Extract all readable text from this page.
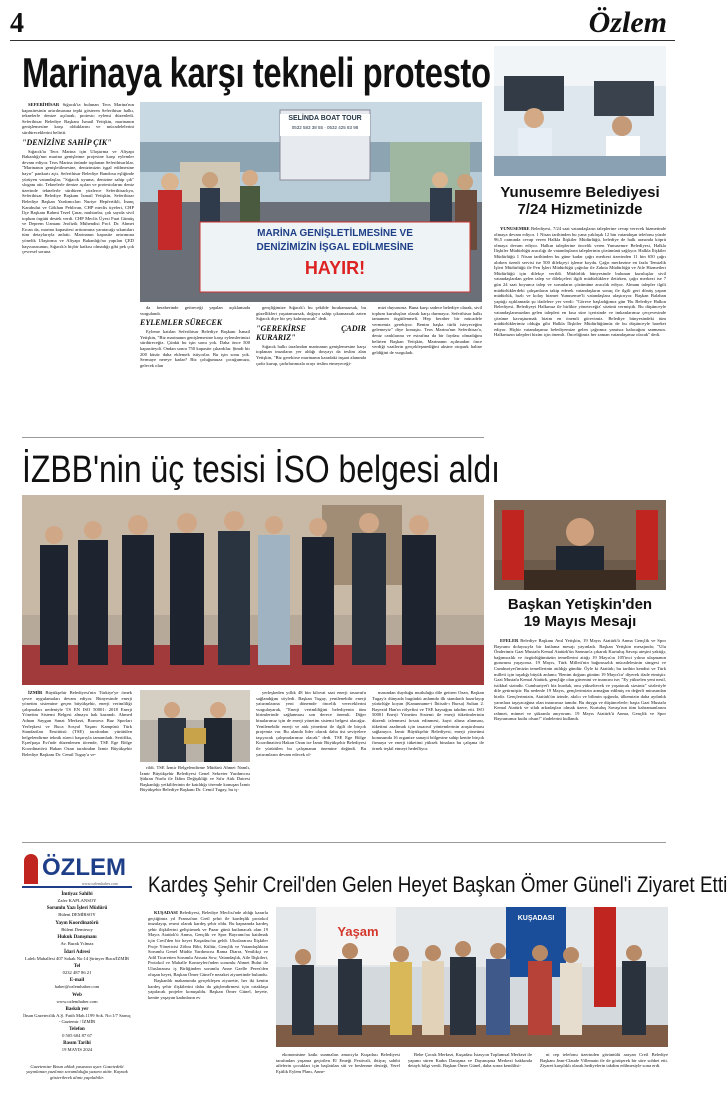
4	Özlem
Marinaya karşı tekneli protesto

SEFERİHİSAR Sığacık'ta bulunan Teos Marina'nın kapasitesinin artırılmasına tepki gösteren Seferihisar halkı, teknelerle denize açılarak, protesto eylemi düzenledi. Seferihisar Belediye Başkanı İsmail Yetişkin, marinanın genişlemesine karşı olduklarını ve mücadelelerini sürdüreceklerini belirtti.

"DENİZİNE SAHİP ÇIK"

Sığacık'ta Teos Marina için Ulaştırma ve Altyapı Bakanlığı'nın marina genişletme projesine karşı eylemler devam ediyor. Teos Marina önünde toplanan Seferihisarlılar, "Marinanın genişletilmesine, denizimizin işgal edilmesine hayır" pankartı açtı. Seferihisar Belediye Bandosu eşliğinde yürüyen vatandaşlar, "Sığacık uyuma, denizine sahip çık" sloganı attı. Teknelerle denize açılan ve protestolarını deniz üzerinde teknelerle sürdüren yüzlerce Seferihisarlıya, Seferihisar Belediye Başkanı İsmail Yetişkin, Seferihisar Belediye Başkan Yardımcıları Nuriye Hepfertikli, İnanç Karabulut ve Gökhan Pehlivan, CHP meclis üyeleri, CHP İlçe Başkanı Rahmi Tezel Çınar, muhtarlar, çok sayıda sivil toplum örgütü destek verdi. CHP Meclis Üyesi Fuat Gümüş ve Deprem Uzmanı Jeofizik Mühendisi Prof. Dr. Ahmet Ercan da, marina kapasitesi arttırımına yaratacağı sıkıntıları tüm detaylarıyla anlattı. Marinanın kapasite artırımına yönelik Ulaştırma ve Altyapı Bakanlığı'na yapılan ÇED başvurusunun, Sığacık'a hiçbir katkısı olmadığı gibi pek çok çevresel soruna

SELİNDA BOAT TOUR
0532 583 38 55 · 0532 425 83 98
MARİNA GENİŞLETİLMESİNE VE
DENİZİMİZİN İŞGAL EDİLMESİNE
HAYIR!

da beraberinde getireceği yapılan açıklamada vurgulandı.

EYLEMLER SÜRECEK

Eyleme katılan Seferihisar Belediye Başkanı İsmail Yetişkin, "Biz marinanın genişlemesine karşı eylemlerimizi sürdüreceğiz. Çünkü bu işin sonu yok. Daha önce 500 kapasiteydi. Ondan sonra 750 kapasite çıkardılar. Şimdi bir 200 küsür daha eklemek istiyorlar. Bu işin sonu yok. Sermaye nereye kadar? Biz çoluğumuza çocuğumuza, gelecek olan

gençliğimize Sığacık'ı bu şekilde bırakamazsak, bu güzellikleri yaşatamazsak, doğaya sahip çıkamazsak zaten Sığacık diye bir şey kalmayacak" dedi.

"GEREKİRSE ÇADIR KURARIZ"

Sığacık halkı tarafından marinanın genişlemesine karşı toplanan imzaların yer aldığı dosyayı da teslim alan Yetişkin, "Biz gerekirse marinanın karadaki inşaat alanında çadır kurup, çadırlarımızla orayı teslim etmeyeceği-

mizi duyururuz. Buna karşı sadece belediye olarak, sivil toplum kuruluşları olarak karşı durmayız. Seferihisar halkı tamamen örgütlenmeli. Hep beraber bir mücadele vermemiz gerekiyor. Benim başka türlü isteyeceğim gelemeyiz" diye konuştu. Teos Marina'nın Seferihisar'a, deniz canlılarına ve estrafina da bir faydası olmadığını belirten Başkan Yetişkin, Marinanın açılmadan önce verdiği vaatlerin gerçekleşmediğini aksine otopark haline geldiğini de vurguladı.

Yunusemre Belediyesi
7/24 Hizmetinizde

YUNUSEMRE Belediyesi, 7/24 saat vatandaşların taleplerine cevap verecek hizmetinde olmaya devam ediyor. 1 Nisan tarihinden bu yana yaklaşık 12 bin vatandaşın telefonu yüzde 96,5 oranında cevap veren Halkla İlişkiler Müdürlüğü, belediye de halk arasında köprü olmaya devam ediyor. Halkın taleplerine öncelik veren Yunusemre Belediyesi, Halkla İlişkiler Müdürlüğü aracılığı ile vatandaşların taleplerinin çözümünü sağlıyor. Halkla İlişkiler Müdürlüğü 1 Nisan tarihinden bu güne kadar çağrı merkezi üzerinden 11 bin 650 çağrı alırken özenli servisi ise 500 dilekçeyi işleme koydu. Çağrı merkezine en fazla Temizlik İşleri Müdürlüğü ile Fen İşleri Müdürlüğü çağrılar ile Zabıta Müdürlüğü ve Aile Hizmetleri Müdürlüğü için dilekçe verildi. Müdürlük bünyesinde bulunan kuruluşlar sivil vatandaşlardan gelen talep ve dilekçeleri ilgili müdürlüklere iletirken, çağrı merkezi ise 7 gün 24 saat boyunca talep ve sorunların çözümüne aracılık ediyor. Almanı talepler ilgili müdürlüklerdeki çalışanların takip ederek vatandaşların sonuç ile ilgili geri dönüş yapan müdürlük, hızlı ve kolay hizmet Yunusemre'li vatandaşlara ulaştırıyor. Başkan Balaban yaptığı açıklamada şu ifadelere yer verdi: "Göreve başladığımız gün 'Bu Belediye Halkın Belediyesi. Belediyeyi Halkımız ile birlikte yöneteceğiz' sözünü vermiştik. Bu düşünceyle vatandaşlarımızdan gelen talepleri en kısa süre içerisinde ve imkanlarımız çerçevesinde çözüme kavuşturmak bizim en önemli görevimiz. Belediye bünyesindeki tüm müdürlüklerimiz olduğu gibi Halkla İlişkiler Müdürlüğümüz de bu düşünceyle hareket ediyor. Hiçbir vatandaşımız belediyemize gelen çağrımız yanıtsız kalacağını sanmasın. Halkımızın talepleri bizim için önemli. Önceliğimiz her zaman vatandaşımız olacak" dedi.

İZBB'nin üç tesisi İSO belgesi aldı

İZMİR Büyükşehir Belediyesi'nin Türkiye'ye örnek çevre uygulamaları devam ediyor. Bünyesinde enerji yönetim sistemine geçen büyükşehir, enerji verimliliği çalışmaları nedeniyle TS EN ISO 50001: 2018 Enerji Yönetim Sistemi Belgesi almaya hak kazandı. Ahmed Adnan Saygun Sanat Merkezi, Bornova Buz Sporları Yerleşkesi ve Buca Sosyal Yaşam Kampüsü Türk Standartları Enstitüsü (TSE) tarafından yürütülen belgelendirme teknik süreci başarıyla tamamladı. Sertifika, Eşrefpaşa Evi'nde düzenlenen törende, TSE Ege Bölge Koordinatörü Hakan Ozan tarafından İzmir Büyükşehir Belediye Başkanı Dr. Cemil Tugay'a ve-

rildi. TSE İzmir Belgelendirme Müdürü Ahmet Namlı, İzmir Büyükşehir Belediyesi Genel Sekreter Yardımcısı Şükran Nurlu ile İklim Değişikliği ve Sıfır Atık Dairesi Başkanlığı yetkililerinin de katıldığı törende konuşan İzmir Büyükşehir Belediye Başkanı Dr. Cemil Tugay, bu iş-

yerleşkeden yıllık 48 bin kilovat saat enerji tasarrufu sağlandığını söyledi. Başkan Tugay, yenilenebilir enerji yatırımlarına yeni dönemde öncelik vereceklerini vurgulayarak, "Enerji verimliliğini belediyenin tüm birimlerinde sağlanması son derece önemli. Diğer binalarımız için de enerji yönetim sistemi belgesi alacağız. Yenilenebilir enerji ve atık yönetimi ile ilgili de birçok projemiz var. Bu alanda lider olarak daha üst seviyelere taşıyacak çalışmalarımız olacak" dedi. TSE Ege Bölge Koordinatörü Hakan Ozan ise İzmir Büyükşehir Belediyesi ile yürütülen bu çalışmanın önemine değindi. Bu yatırımların devam edecek ol-

masından duyduğu mutluluğu dile getiren Ozan, Başkan Tugay'a dünyada bugünkü anlamda ilk standardı hazırlayıp yürürlüğe koyan (Kanunname-i İhtisab-ı Bursa) Sultan 2. Bayezid Han'ın rölyefini ve TSE bayrağını takdim etti. ISO 50001 Enerji Yönetim Sistemi ile enerji tüketimlerinin düzenli izlenmesi fırsatı edinmesi, kayıt altına alınması, tüketimi azaltmak için tasarruf yöntemlerinin araştırılması sağlanıyor. İzmir Büyükşehir Belediyesi, enerji yönetimi konusunda 16 organize sanayii bölgesine sahip kentte birçok firmaya ve enerji tüketimi yüksek binalara bu çalışma ile örnek teşkil etmeyi hedefliyor.

Başkan Yetişkin'den
19 Mayıs Mesajı

EFELER Belediye Başkanı Anıl Yetişkin, 19 Mayıs Atatürk'ü Anma Gençlik ve Spor Bayramı dolayısıyla bir kutlama mesajı yayınladı. Başkan Yetişkin mesajında; "Ulu Önderimiz Gazi Mustafa Kemal Atatürk'ün Samsun'a çıkarak Kurtuluş Savaşı ateşini yaktığı, bağımsızlık ve özgürlüğümüzün temellerini attığı 19 Mayıs'ın 105'inci yılına ulaşmanın gururunu yaşıyoruz. 19 Mayıs, Türk Milleti'nin bağımsızlık mücadelesinin simgesi ve Cumhuriyet'imizin temellerinin atıldığı gündür. Öyle ki Atatürk; bu tarihin kendisi ve Türk milleti için taşıdığı büyük anlamı; 'Benim doğum günüm 19 Mayıs'tır' diyerek ifade etmiştir. Gazi Mustafa Kemal Atatürk, gençliğe olan güvenini ve inancını ise; "Ey yükselen yeni nesil, istikbal sizindir. Cumhuriyet'i biz kurduk, onu yükseltecek ve yaşatacak sizsiniz" sözleriyle dile getirmiştir. Bu nedenle 19 Mayıs, gençlerimizin armağan edilmiş en değerli mirasından birdir. Gençlerimizin, Atatürk'ün izinde, akılcı ve bilimin ışığında, ülkemizin daha aydınlık yarınlara taşıyacağına olan inancımız tamdır. Bu duygu ve düşüncelerle; başta Gazi Mustafa Kemal Atatürk ve silah arkadaşları olmak üzere, Kurtuluş Savaşı'nın tüm kahramanlarını rahmet, minnet ve şükranla anıyorum. 19 Mayıs Atatürk'ü Anma, Gençlik ve Spor Bayramımız kutlu olsun!" ifadelerini kullandı.

ÖZLEM
www.ozlemhaber.com
İmtiyaz Sahibi
Zafer KAPLANSOY
Sorumlu Yazı İşleri Müdürü
Bülent DEMİRSOY
Yayın Koordinatörü
Bülent Demirsoy
Hukuk Danışmanı
Av. Burak Yılmaz
İdari Adresi
Lalelı Mahallesi 407 Sokak No:14 Şirinyer Buca/İZMİR
Tel
0232 487 86 21
E-mail
haber@ozlemhaber.com
Web
www.ozlemhaber.com
Baskılı yer
İhsan Gazetecilik A.Ş. Fatih Mah.1199 Sok. No:1/7 Sarnıç - Gaziemir / İZMİR
Telefon
0 505 604 87 67
Basım Tarihi
19 MAYIS 2024
Gazetemize Basın ahlak yasasına uyar. Gazetedeki yayınlanan yazılının sorumluluğu yazara aittir. Kaynak gösterilerek alıntı yapılabilir.
Kardeş Şehir Creil'den Gelen Heyet Başkan Ömer Günel'i Ziyaret Etti

KUŞADASI Belediyesi, Belediye Meclisi'nde aldığı kararla geçtiğimiz yıl Fransa'nın Creil şehri ile kardeşlik protokol imzalayıp, resmi olarak kardeş şehir oldu. Bu kapsamda kardeş şehir ilişkilerini geliştirmek ve Pazar günü kutlanacak olan 19 Mayıs Atatürk'ü Anma, Gençlik ve Spor Bayramı'na katılmak için Creil'den bir heyet Kuşadası'na geldi. Uluslararası İlişkiler Proje Yöneticisi Zöhra Bibi, Kültür, Gençlik ve Vatandaşlıktan Sorumlu Genel Müdür Yardımcısı Rama Diarra, Yenilikçi ve Adil Ticaretten Sorumlu Aissata Sow, Vatandaşlık, Aile İlişkileri, Protokol ve Mahalle Konseyleri'nden sorumlu Ahmet Bulut ile Uluslararası iş Birliğinden sorumlu Anne Gaelle Perez'den oluşan heyet, Başkan Ömer Günel'e nezaket ziyaretinde bulundu.

Başkanlık makamında gerçekleşen ziyarette, her iki kentin kardeş şehir ilişkilerini daha da güçlendirmesi için ortaklaşa yapılacak projeler konuşuldu. Başkan Ömer Günel, heyete, kentte yaşayan kadınların ev

KUŞADASI
Yaşam

ekonomisine katkı sunmaları amacıyla Kuşadası Belediyesi tarafından yaşama geçirilen El Emeği Festivali, ihtiyaç sahibi ailelerin çocukları için başlatılan süt ve beslenme desteği, Yerel Eşitlik Eylem Planı, Anne-

Bebe Çocuk Merkezi, Kuşadası İstasyon Toplumsal Merkezi ile yapımı süren Kadın Danışma ve Dayanışma Merkezi hakkında detaylı bilgi verdi. Başkan Ömer Günel, daha sonra kendilisi-

ni cep telefonu üzerinden görüntülü arayan Creil Belediye Başkanı Jean-Claude Villemain ile de görüşerek bir süre sohbet etti. Ziyaret karşılıklı olarak hediyelerin takdim edilmesiyle sona erdi.
